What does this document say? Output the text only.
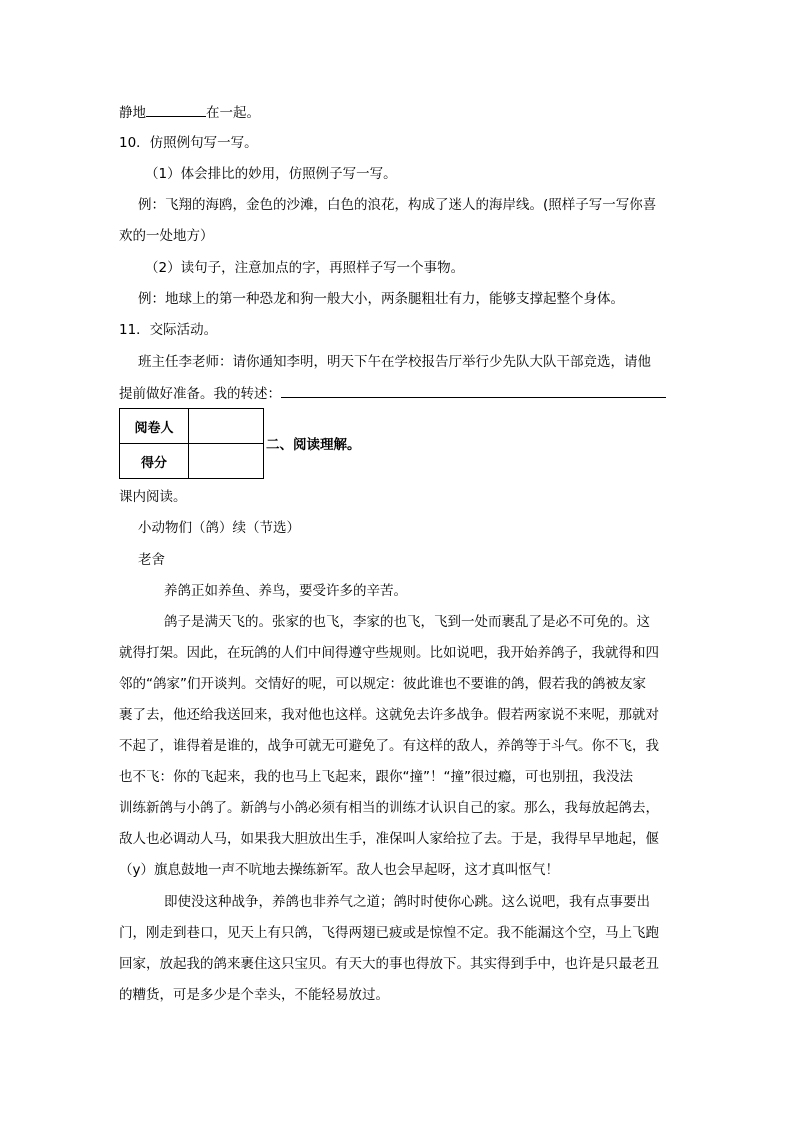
静地	在一起。
10．仿照例句写一写。
（1）体会排比的妙用，仿照例子写一写。
例：飞翔的海鸥，金色的沙滩，白色的浪花，构成了迷人的海岸线。(照样子写一写你喜
欢的一处地方）
（2）读句子，注意加点的字，再照样子写一个事物。
例：地球上的第一种恐龙和狗一般大小，两条腿粗壮有力，能够支撑起整个身体。
11．交际活动。
班主任李老师：请你通知李明，明天下午在学校报告厅举行少先队大队干部竞选，请他
提前做好准备。我的转述：
阅卷人	
得分	
二、阅读理解。
课内阅读。
小动物们（鸽）续（节选）
老舍
养鸽正如养鱼、养鸟，要受许多的辛苦。
鸽子是满天飞的。张家的也飞，李家的也飞，飞到一处而裹乱了是必不可免的。这
就得打架。因此，在玩鸽的人们中间得遵守些规则。比如说吧，我开始养鸽子，我就得和四
邻的“鸽家”们开谈判。交情好的呢，可以规定：彼此谁也不要谁的鸽，假若我的鸽被友家
裹了去，他还给我送回来，我对他也这样。这就免去许多战争。假若两家说不来呢，那就对
不起了，谁得着是谁的，战争可就无可避免了。有这样的敌人，养鸽等于斗气。你不飞，我
也不飞：你的飞起来，我的也马上飞起来，跟你“撞”！“撞”很过瘾，可也别扭，我没法
训练新鸽与小鸽了。新鸽与小鸽必须有相当的训练才认识自己的家。那么，我每放起鸽去，
敌人也必调动人马，如果我大胆放出生手，准保叫人家给拉了去。于是，我得早早地起，偃
（y）旗息鼓地一声不吭地去操练新军。敌人也会早起呀，这才真叫怄气！
即使没这种战争，养鸽也非养气之道；鸽时时使你心跳。这么说吧，我有点事要出
门，刚走到巷口，见天上有只鸽，飞得两翅已疲或是惊惶不定。我不能漏这个空，马上飞跑
回家，放起我的鸽来裹住这只宝贝。有天大的事也得放下。其实得到手中，也许是只最老丑
的糟货，可是多少是个幸头，不能轻易放过。
